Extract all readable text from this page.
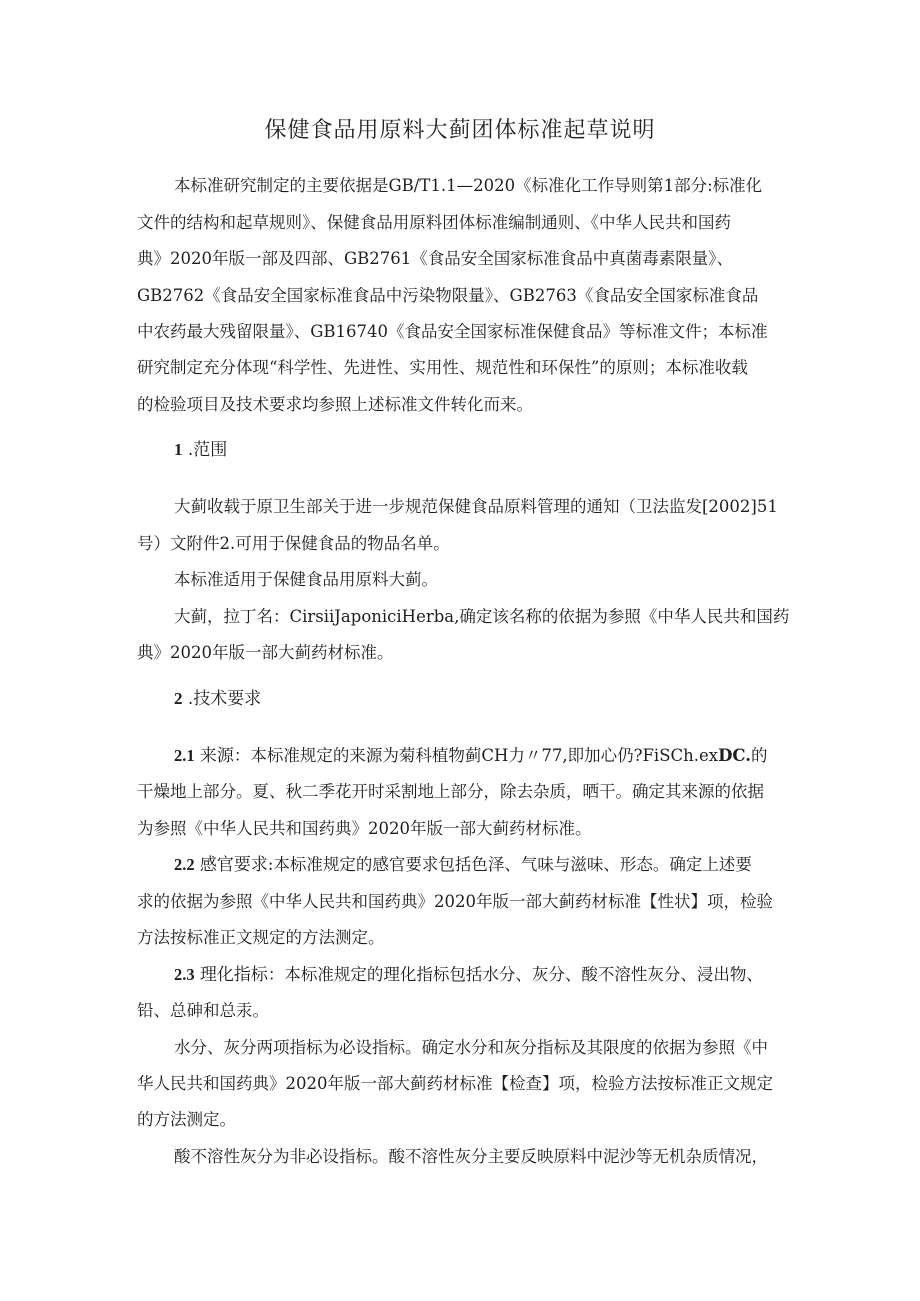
保健食品用原料大蓟团体标准起草说明
本标准研究制定的主要依据是GB/T1.1—2020《标准化工作导则第1部分:标准化
文件的结构和起草规则》、保健食品用原料团体标准编制通则、《中华人民共和国药
典》2020年版一部及四部、GB2761《食品安全国家标准食品中真菌毒素限量》、
GB2762《食品安全国家标准食品中污染物限量》、GB2763《食品安全国家标准食品
中农药最大残留限量》、GB16740《食品安全国家标准保健食品》等标准文件；本标准
研究制定充分体现“科学性、先进性、实用性、规范性和环保性”的原则；本标准收载
的检验项目及技术要求均参照上述标准文件转化而来。
1 .范围
大蓟收载于原卫生部关于进一步规范保健食品原料管理的通知（卫法监发[2002]51
号）文附件2.可用于保健食品的物品名单。
本标准适用于保健食品用原料大蓟。
大蓟，拉丁名：CirsiiJaponiciHerba,确定该名称的依据为参照《中华人民共和国药
典》2020年版一部大蓟药材标准。
2 .技术要求
2.1 来源：本标准规定的来源为菊科植物蓟CH力〃77,即加心仍?FiSCh.exDC.的
干燥地上部分。夏、秋二季花开时采割地上部分，除去杂质，晒干。确定其来源的依据
为参照《中华人民共和国药典》2020年版一部大蓟药材标准。
2.2 感官要求:本标准规定的感官要求包括色泽、气味与滋味、形态。确定上述要
求的依据为参照《中华人民共和国药典》2020年版一部大蓟药材标准【性状】项，检验
方法按标准正文规定的方法测定。
2.3 理化指标：本标准规定的理化指标包括水分、灰分、酸不溶性灰分、浸出物、
铅、总砷和总汞。
水分、灰分两项指标为必设指标。确定水分和灰分指标及其限度的依据为参照《中
华人民共和国药典》2020年版一部大蓟药材标准【检查】项，检验方法按标准正文规定
的方法测定。
酸不溶性灰分为非必设指标。酸不溶性灰分主要反映原料中泥沙等无机杂质情况，
